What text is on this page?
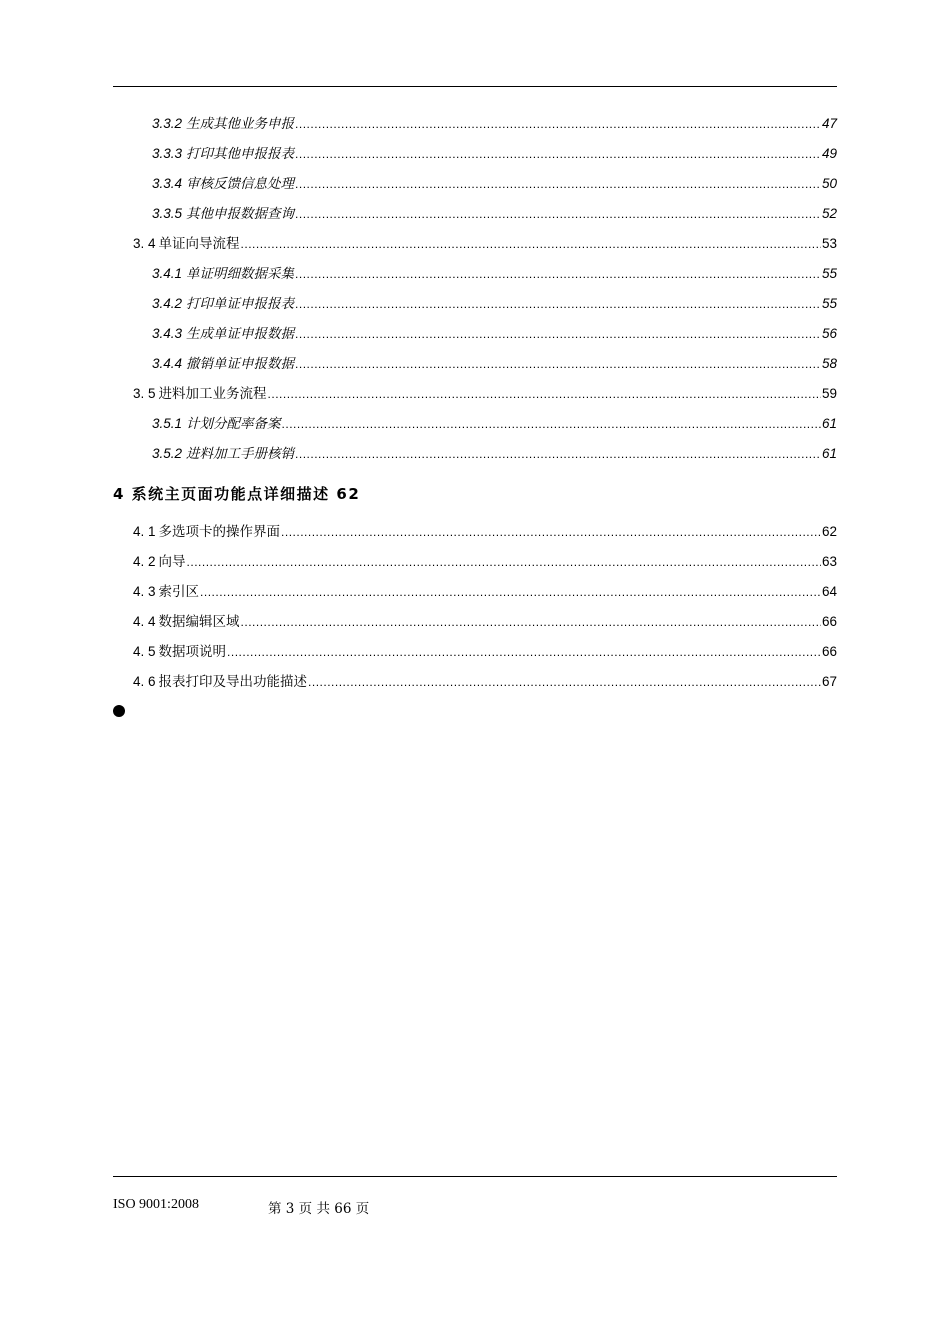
3.3.2 生成其他业务申报 .....	47
3.3.3 打印其他申报报表 .....	49
3.3.4 审核反馈信息处理 .....	50
3.3.5 其他申报数据查询 .....	52
3. 4 单证向导流程 .....	53
3.4.1 单证明细数据采集 .....	55
3.4.2 打印单证申报报表 .....	55
3.4.3 生成单证申报数据 .....	56
3.4.4 撤销单证申报数据 .....	58
3. 5 进料加工业务流程 .....	59
3.5.1 计划分配率备案 .....	61
3.5.2 进料加工手册核销 .....	61
4 系统主页面功能点详细描述 62
4. 1 多选项卡的操作界面 .....	62
4. 2 向导 .....	63
4. 3 索引区 .....	64
4. 4 数据编辑区域 .....	66
4. 5 数据项说明 .....	66
4. 6 报表打印及导出功能描述 .....	67
ISO 9001:2008	第 3 页 共 66 页
